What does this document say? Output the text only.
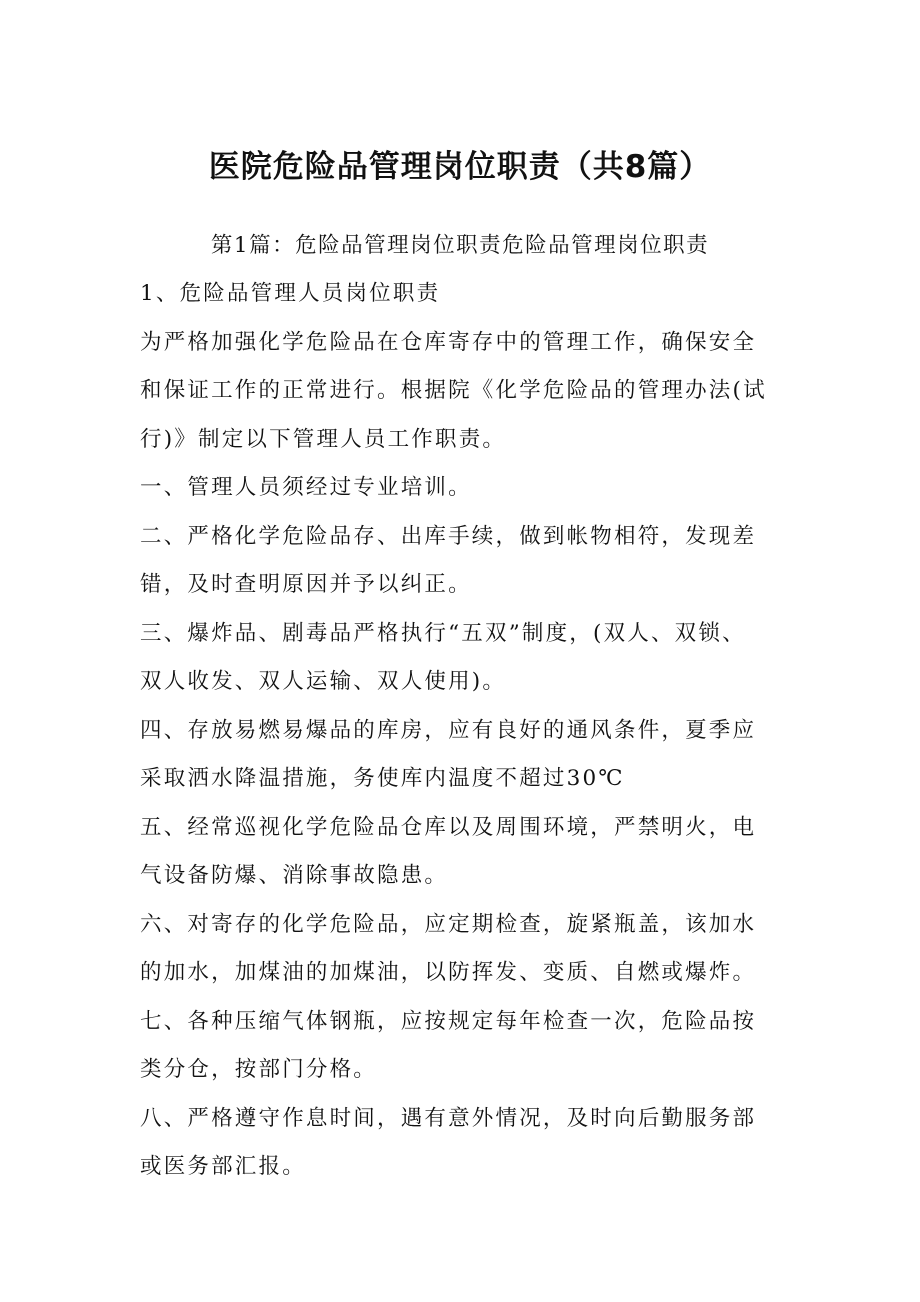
医院危险品管理岗位职责（共8篇）

第1篇：危险品管理岗位职责危险品管理岗位职责

1、危险品管理人员岗位职责
为严格加强化学危险品在仓库寄存中的管理工作，确保安全
和保证工作的正常进行。根据院《化学危险品的管理办法(试
行)》制定以下管理人员工作职责。
一、管理人员须经过专业培训。
二、严格化学危险品存、出库手续，做到帐物相符，发现差
错，及时查明原因并予以纠正。
三、爆炸品、剧毒品严格执行“五双”制度，(双人、双锁、
双人收发、双人运输、双人使用)。
四、存放易燃易爆品的库房，应有良好的通风条件，夏季应
采取洒水降温措施，务使库内温度不超过30℃
五、经常巡视化学危险品仓库以及周围环境，严禁明火，电
气设备防爆、消除事故隐患。
六、对寄存的化学危险品，应定期检查，旋紧瓶盖，该加水
的加水，加煤油的加煤油，以防挥发、变质、自燃或爆炸。
七、各种压缩气体钢瓶，应按规定每年检查一次，危险品按
类分仓，按部门分格。
八、严格遵守作息时间，遇有意外情况，及时向后勤服务部
或医务部汇报。
